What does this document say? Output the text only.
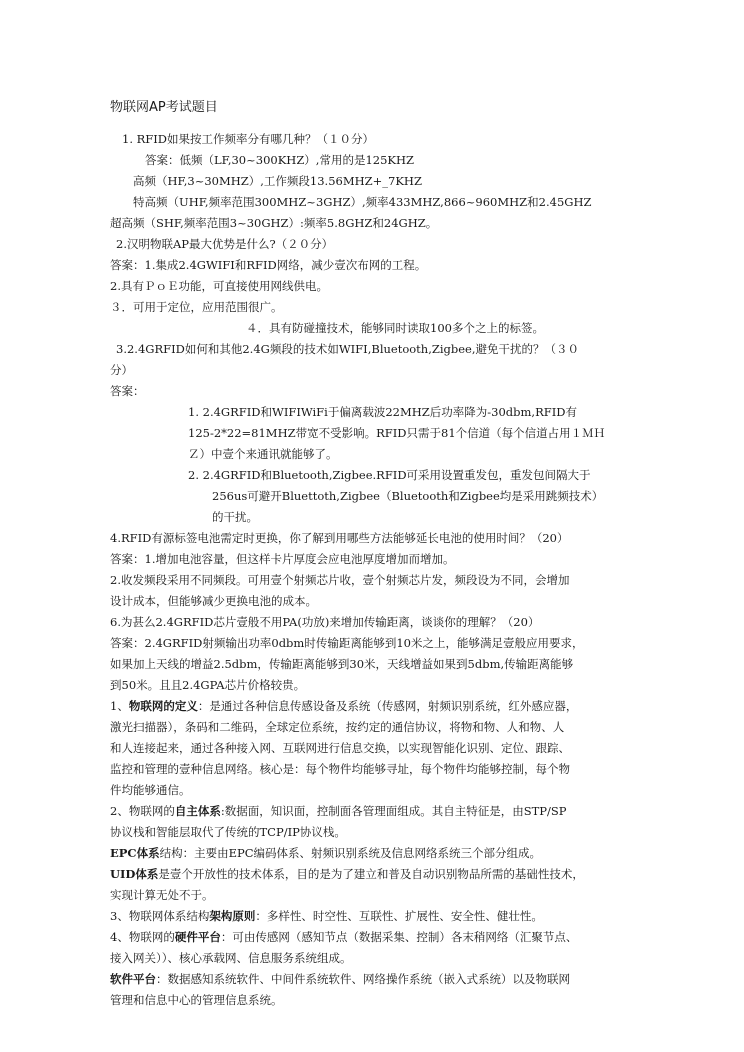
物联网AP考试题目
1. RFID如果按工作频率分有哪几种？（１０分）
答案：低频（LF,30~300KHZ）,常用的是125KHZ
高频（HF,3~30MHZ）,工作频段13.56MHZ+_7KHZ
特高频（UHF,频率范围300MHZ~3GHZ）,频率433MHZ,866~960MHZ和2.45GHZ
超高频（SHF,频率范围3~30GHZ）:频率5.8GHZ和24GHZ。
2.汉明物联AP最大优势是什么?（２０分）
答案：1.集成2.4GWIFI和RFID网络，减少壹次布网的工程。
2.具有ＰｏＥ功能，可直接使用网线供电。
３．可用于定位，应用范围很广。
４．具有防碰撞技术，能够同时读取100多个之上的标签。
3.2.4GRFID如何和其他2.4G频段的技术如WIFI,Bluetooth,Zigbee,避免干扰的？（３０
分）
答案：
1. 2.4GRFID和WIFIWiFi于偏离载波22MHZ后功率降为-30dbm,RFID有
125-2*22=81MHZ带宽不受影响。RFID只需于81个信道（每个信道占用１ＭＨ
Ｚ）中壹个来通讯就能够了。
2. 2.4GRFID和Bluetooth,Zigbee.RFID可采用设置重发包，重发包间隔大于
256us可避开Bluettoth,Zigbee（Bluetooth和Zigbee均是采用跳频技术）
的干扰。
4.RFID有源标签电池需定时更换，你了解到用哪些方法能够延长电池的使用时间？（20）
答案：1.增加电池容量，但这样卡片厚度会应电池厚度增加而增加。
2.收发频段采用不同频段。可用壹个射频芯片收，壹个射频芯片发，频段设为不同，会增加
设计成本，但能够减少更换电池的成本。
6.为甚么2.4GRFID芯片壹般不用PA(功放)来增加传输距离，谈谈你的理解？（20）
答案：2.4GRFID射频输出功率0dbm时传输距离能够到10米之上，能够满足壹般应用要求，
如果加上天线的增益2.5dbm，传输距离能够到30米，天线增益如果到5dbm,传输距离能够
到50米。且且2.4GPA芯片价格较贵。
1、物联网的定义：是通过各种信息传感设备及系统（传感网，射频识别系统，红外感应器，
激光扫描器），条码和二维码，全球定位系统，按约定的通信协议，将物和物、人和物、人
和人连接起来，通过各种接入网、互联网进行信息交换，以实现智能化识别、定位、跟踪、
监控和管理的壹种信息网络。核心是：每个物件均能够寻址，每个物件均能够控制，每个物
件均能够通信。
2、物联网的自主体系:数据面，知识面，控制面各管理面组成。其自主特征是，由STP/SP
协议栈和智能层取代了传统的TCP/IP协议栈。
EPC体系结构：主要由EPC编码体系、射频识别系统及信息网络系统三个部分组成。
UID体系是壹个开放性的技术体系，目的是为了建立和普及自动识别物品所需的基础性技术，
实现计算无处不于。
3、物联网体系结构架构原则：多样性、时空性、互联性、扩展性、安全性、健壮性。
4、物联网的硬件平台：可由传感网（感知节点（数据采集、控制）各末稍网络（汇聚节点、
接入网关））、核心承载网、信息服务系统组成。
软件平台：数据感知系统软件、中间件系统软件、网络操作系统（嵌入式系统）以及物联网
管理和信息中心的管理信息系统。
